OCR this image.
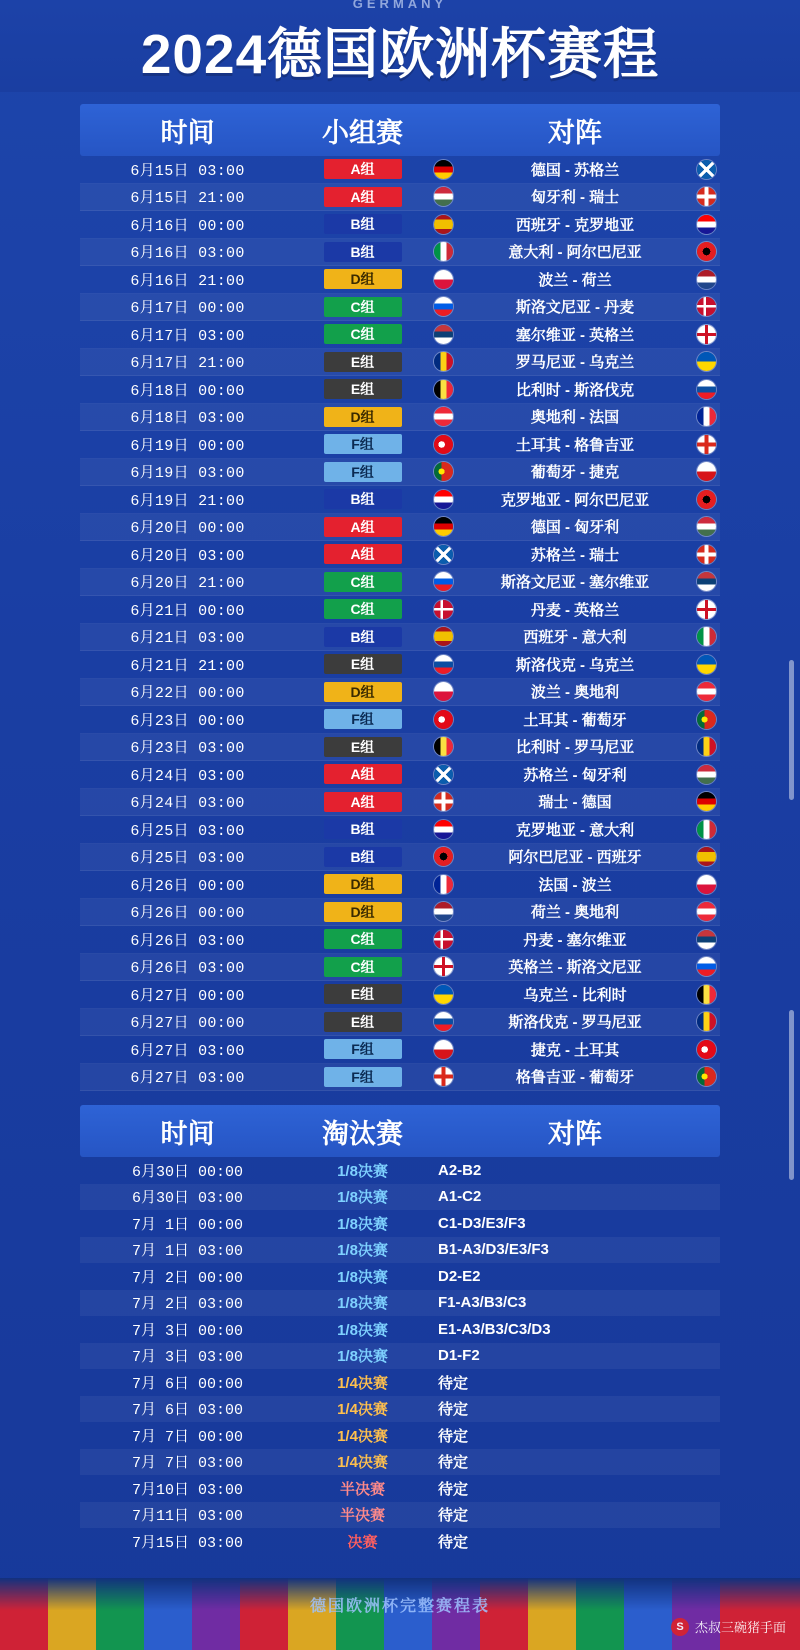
GERMANY
2024德国欧洲杯赛程
时间	小组赛	对阵
6月15日 03:00	A组	德国 - 苏格兰
6月15日 21:00	A组	匈牙利 - 瑞士
6月16日 00:00	B组	西班牙 - 克罗地亚
6月16日 03:00	B组	意大利 - 阿尔巴尼亚
6月16日 21:00	D组	波兰 - 荷兰
6月17日 00:00	C组	斯洛文尼亚 - 丹麦
6月17日 03:00	C组	塞尔维亚 - 英格兰
6月17日 21:00	E组	罗马尼亚 - 乌克兰
6月18日 00:00	E组	比利时 - 斯洛伐克
6月18日 03:00	D组	奥地利 - 法国
6月19日 00:00	F组	土耳其 - 格鲁吉亚
6月19日 03:00	F组	葡萄牙 - 捷克
6月19日 21:00	B组	克罗地亚 - 阿尔巴尼亚
6月20日 00:00	A组	德国 - 匈牙利
6月20日 03:00	A组	苏格兰 - 瑞士
6月20日 21:00	C组	斯洛文尼亚 - 塞尔维亚
6月21日 00:00	C组	丹麦 - 英格兰
6月21日 03:00	B组	西班牙 - 意大利
6月21日 21:00	E组	斯洛伐克 - 乌克兰
6月22日 00:00	D组	波兰 - 奥地利
6月23日 00:00	F组	土耳其 - 葡萄牙
6月23日 03:00	E组	比利时 - 罗马尼亚
6月24日 03:00	A组	苏格兰 - 匈牙利
6月24日 03:00	A组	瑞士 - 德国
6月25日 03:00	B组	克罗地亚 - 意大利
6月25日 03:00	B组	阿尔巴尼亚 - 西班牙
6月26日 00:00	D组	法国 - 波兰
6月26日 00:00	D组	荷兰 - 奥地利
6月26日 03:00	C组	丹麦 - 塞尔维亚
6月26日 03:00	C组	英格兰 - 斯洛文尼亚
6月27日 00:00	E组	乌克兰 - 比利时
6月27日 00:00	E组	斯洛伐克 - 罗马尼亚
6月27日 03:00	F组	捷克 - 土耳其
6月27日 03:00	F组	格鲁吉亚 - 葡萄牙
时间	淘汰赛	对阵
6月30日 00:00	1/8决赛	A2-B2
6月30日 03:00	1/8决赛	A1-C2
7月 1日 00:00	1/8决赛	C1-D3/E3/F3
7月 1日 03:00	1/8决赛	B1-A3/D3/E3/F3
7月 2日 00:00	1/8决赛	D2-E2
7月 2日 03:00	1/8决赛	F1-A3/B3/C3
7月 3日 00:00	1/8决赛	E1-A3/B3/C3/D3
7月 3日 03:00	1/8决赛	D1-F2
7月 6日 00:00	1/4决赛	待定
7月 6日 03:00	1/4决赛	待定
7月 7日 00:00	1/4决赛	待定
7月 7日 03:00	1/4决赛	待定
7月10日 03:00	半决赛	待定
7月11日 03:00	半决赛	待定
7月15日 03:00	决赛	待定
德国欧洲杯完整赛程表
S 杰叔三碗猪手面
